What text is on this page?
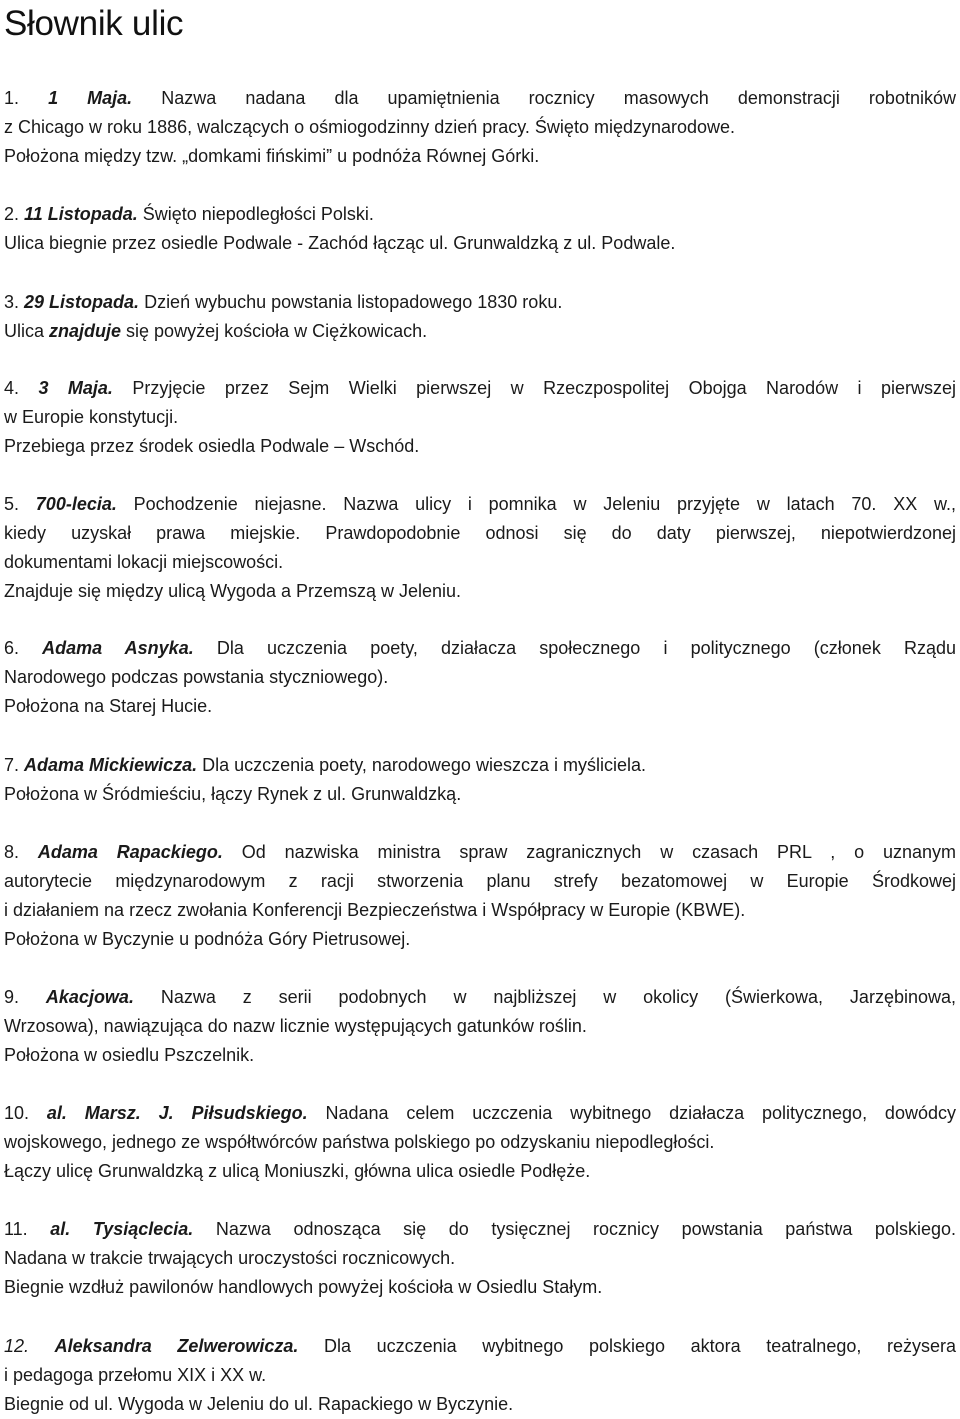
Słownik ulic
1. 1 Maja. Nazwa nadana dla upamiętnienia rocznicy masowych demonstracji robotników
z Chicago w roku 1886, walczących o ośmiogodzinny dzień pracy. Święto międzynarodowe.
Położona między tzw. „domkami fińskimi” u podnóża Równej Górki.
2. 11 Listopada. Święto niepodległości Polski.
Ulica biegnie przez osiedle Podwale - Zachód łącząc ul. Grunwaldzką z ul. Podwale.
3. 29 Listopada. Dzień wybuchu powstania listopadowego 1830 roku.
Ulica znajduje się powyżej kościoła w Ciężkowicach.
4. 3 Maja. Przyjęcie przez Sejm Wielki pierwszej w Rzeczpospolitej Obojga Narodów i pierwszej
w Europie konstytucji.
Przebiega przez środek osiedla Podwale – Wschód.
5. 700-lecia. Pochodzenie niejasne. Nazwa ulicy i pomnika w Jeleniu przyjęte w latach 70. XX w.,
kiedy uzyskał prawa miejskie. Prawdopodobnie odnosi się do daty pierwszej, niepotwierdzonej
dokumentami lokacji miejscowości.
Znajduje się między ulicą Wygoda a Przemszą w Jeleniu.
6. Adama Asnyka. Dla uczczenia poety, działacza społecznego i politycznego (członek Rządu
Narodowego podczas powstania styczniowego).
Położona na Starej Hucie.
7. Adama Mickiewicza. Dla uczczenia poety, narodowego wieszcza i myśliciela.
Położona w Śródmieściu, łączy Rynek z ul. Grunwaldzką.
8. Adama Rapackiego. Od nazwiska ministra spraw zagranicznych w czasach PRL , o uznanym
autorytecie międzynarodowym z racji stworzenia planu strefy bezatomowej w Europie Środkowej
i działaniem na rzecz zwołania Konferencji Bezpieczeństwa i Współpracy w Europie (KBWE).
Położona w Byczynie u podnóża Góry Pietrusowej.
9. Akacjowa. Nazwa z serii podobnych w najbliższej w okolicy (Świerkowa, Jarzębinowa,
Wrzosowa), nawiązująca do nazw licznie występujących gatunków roślin.
Położona w osiedlu Pszczelnik.
10. al. Marsz. J. Piłsudskiego. Nadana celem uczczenia wybitnego działacza politycznego, dowódcy
wojskowego, jednego ze współtwórców państwa polskiego po odzyskaniu niepodległości.
Łączy ulicę Grunwaldzką z ulicą Moniuszki, główna ulica osiedle Podłęże.
11. al. Tysiąclecia. Nazwa odnosząca się do tysięcznej rocznicy powstania państwa polskiego.
Nadana w trakcie trwających uroczystości rocznicowych.
Biegnie wzdłuż pawilonów handlowych powyżej kościoła w Osiedlu Stałym.
12. Aleksandra Zelwerowicza. Dla uczczenia wybitnego polskiego aktora teatralnego, reżysera
i pedagoga przełomu XIX i XX w.
Biegnie od ul. Wygoda w Jeleniu do ul. Rapackiego w Byczynie.
